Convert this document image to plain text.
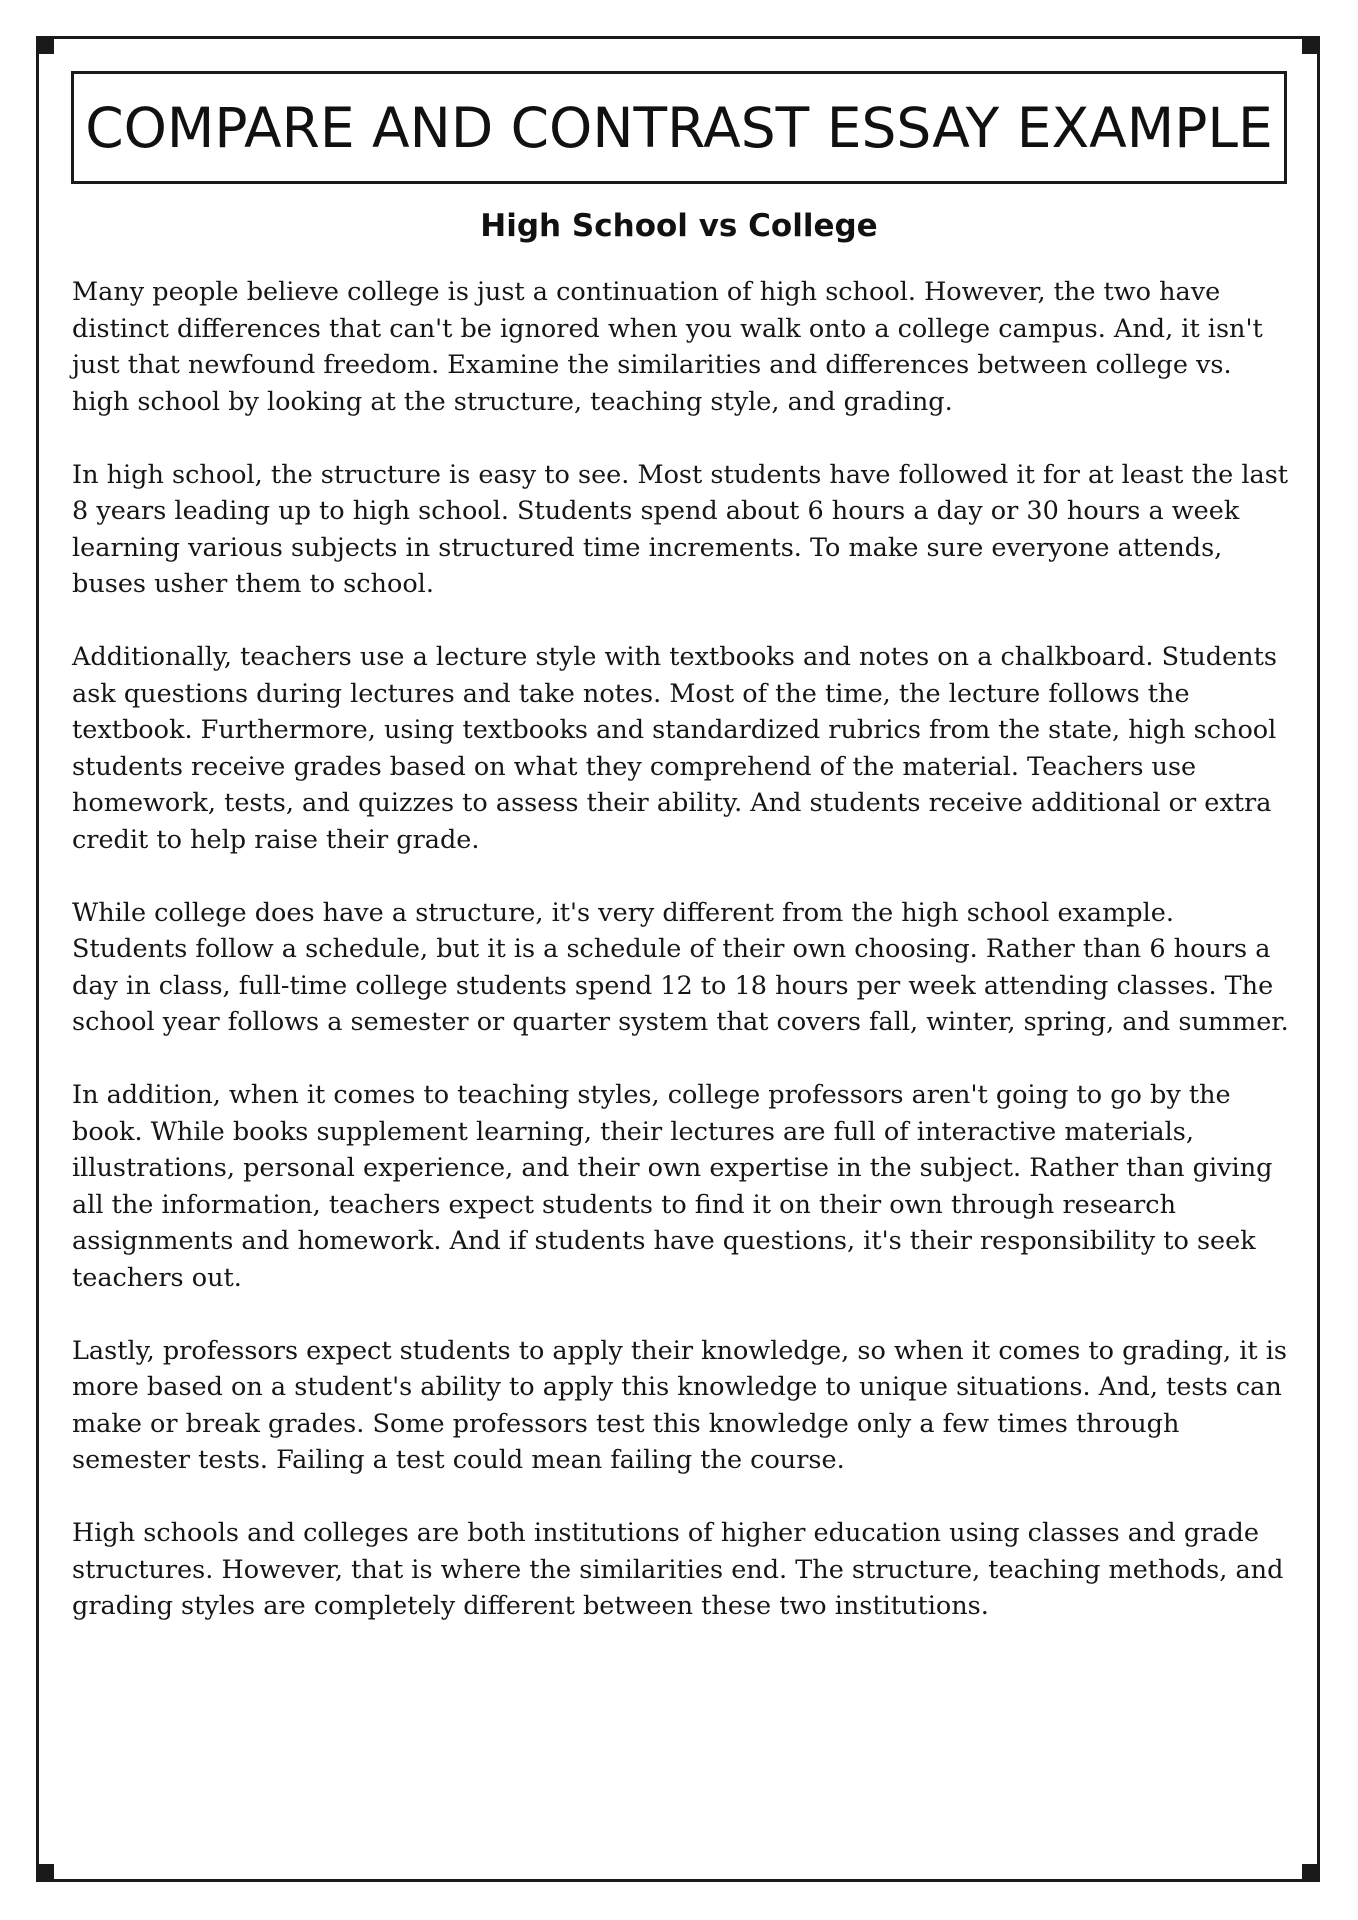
COMPARE AND CONTRAST ESSAY EXAMPLE
High School vs College

Many people believe college is just a continuation of high school. However, the two have distinct differences that can't be ignored when you walk onto a college campus. And, it isn't just that newfound freedom. Examine the similarities and differences between college vs. high school by looking at the structure, teaching style, and grading.

In high school, the structure is easy to see. Most students have followed it for at least the last 8 years leading up to high school. Students spend about 6 hours a day or 30 hours a week learning various subjects in structured time increments. To make sure everyone attends, buses usher them to school.

Additionally, teachers use a lecture style with textbooks and notes on a chalkboard. Students ask questions during lectures and take notes. Most of the time, the lecture follows the textbook. Furthermore, using textbooks and standardized rubrics from the state, high school students receive grades based on what they comprehend of the material. Teachers use homework, tests, and quizzes to assess their ability. And students receive additional or extra credit to help raise their grade.

While college does have a structure, it's very different from the high school example. Students follow a schedule, but it is a schedule of their own choosing. Rather than 6 hours a day in class, full-time college students spend 12 to 18 hours per week attending classes. The school year follows a semester or quarter system that covers fall, winter, spring, and summer.

In addition, when it comes to teaching styles, college professors aren't going to go by the book. While books supplement learning, their lectures are full of interactive materials, illustrations, personal experience, and their own expertise in the subject. Rather than giving all the information, teachers expect students to find it on their own through research assignments and homework. And if students have questions, it's their responsibility to seek teachers out.

Lastly, professors expect students to apply their knowledge, so when it comes to grading, it is more based on a student's ability to apply this knowledge to unique situations. And, tests can make or break grades. Some professors test this knowledge only a few times through semester tests. Failing a test could mean failing the course.

High schools and colleges are both institutions of higher education using classes and grade structures. However, that is where the similarities end. The structure, teaching methods, and grading styles are completely different between these two institutions.
